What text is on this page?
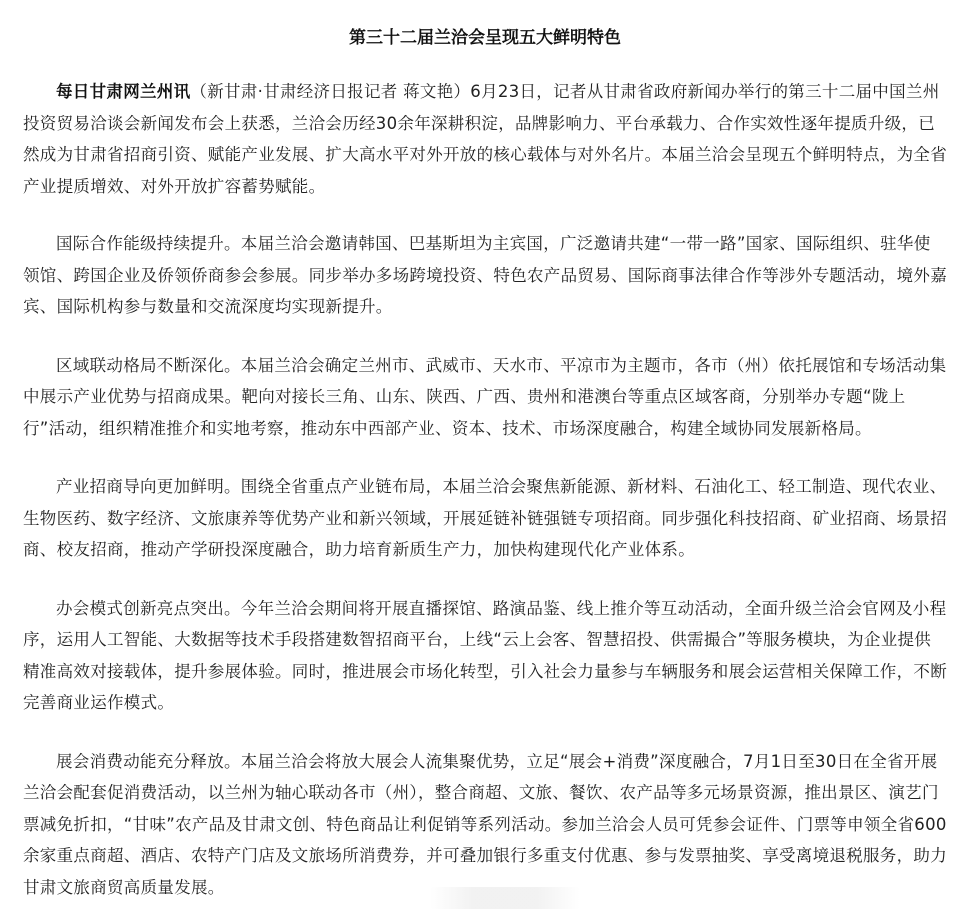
第三十二届兰洽会呈现五大鲜明特色

每日甘肃网兰州讯（新甘肃·甘肃经济日报记者 蒋文艳）6月23日，记者从甘肃省政府新闻办举行的第三十二届中国兰州投资贸易洽谈会新闻发布会上获悉，兰洽会历经30余年深耕积淀，品牌影响力、平台承载力、合作实效性逐年提质升级，已然成为甘肃省招商引资、赋能产业发展、扩大高水平对外开放的核心载体与对外名片。本届兰洽会呈现五个鲜明特点，为全省产业提质增效、对外开放扩容蓄势赋能。

国际合作能级持续提升。本届兰洽会邀请韩国、巴基斯坦为主宾国，广泛邀请共建“一带一路”国家、国际组织、驻华使领馆、跨国企业及侨领侨商参会参展。同步举办多场跨境投资、特色农产品贸易、国际商事法律合作等涉外专题活动，境外嘉宾、国际机构参与数量和交流深度均实现新提升。

区域联动格局不断深化。本届兰洽会确定兰州市、武威市、天水市、平凉市为主题市，各市（州）依托展馆和专场活动集中展示产业优势与招商成果。靶向对接长三角、山东、陕西、广西、贵州和港澳台等重点区域客商，分别举办专题“陇上行”活动，组织精准推介和实地考察，推动东中西部产业、资本、技术、市场深度融合，构建全域协同发展新格局。

产业招商导向更加鲜明。围绕全省重点产业链布局，本届兰洽会聚焦新能源、新材料、石油化工、轻工制造、现代农业、生物医药、数字经济、文旅康养等优势产业和新兴领域，开展延链补链强链专项招商。同步强化科技招商、矿业招商、场景招商、校友招商，推动产学研投深度融合，助力培育新质生产力，加快构建现代化产业体系。

办会模式创新亮点突出。今年兰洽会期间将开展直播探馆、路演品鉴、线上推介等互动活动，全面升级兰洽会官网及小程序，运用人工智能、大数据等技术手段搭建数智招商平台，上线“云上会客、智慧招投、供需撮合”等服务模块，为企业提供精准高效对接载体，提升参展体验。同时，推进展会市场化转型，引入社会力量参与车辆服务和展会运营相关保障工作，不断完善商业运作模式。

展会消费动能充分释放。本届兰洽会将放大展会人流集聚优势，立足“展会+消费”深度融合，7月1日至30日在全省开展兰洽会配套促消费活动，以兰州为轴心联动各市（州），整合商超、文旅、餐饮、农产品等多元场景资源，推出景区、演艺门票减免折扣，“甘味”农产品及甘肃文创、特色商品让利促销等系列活动。参加兰洽会人员可凭参会证件、门票等申领全省600余家重点商超、酒店、农特产门店及文旅场所消费券，并可叠加银行多重支付优惠、参与发票抽奖、享受离境退税服务，助力甘肃文旅商贸高质量发展。
